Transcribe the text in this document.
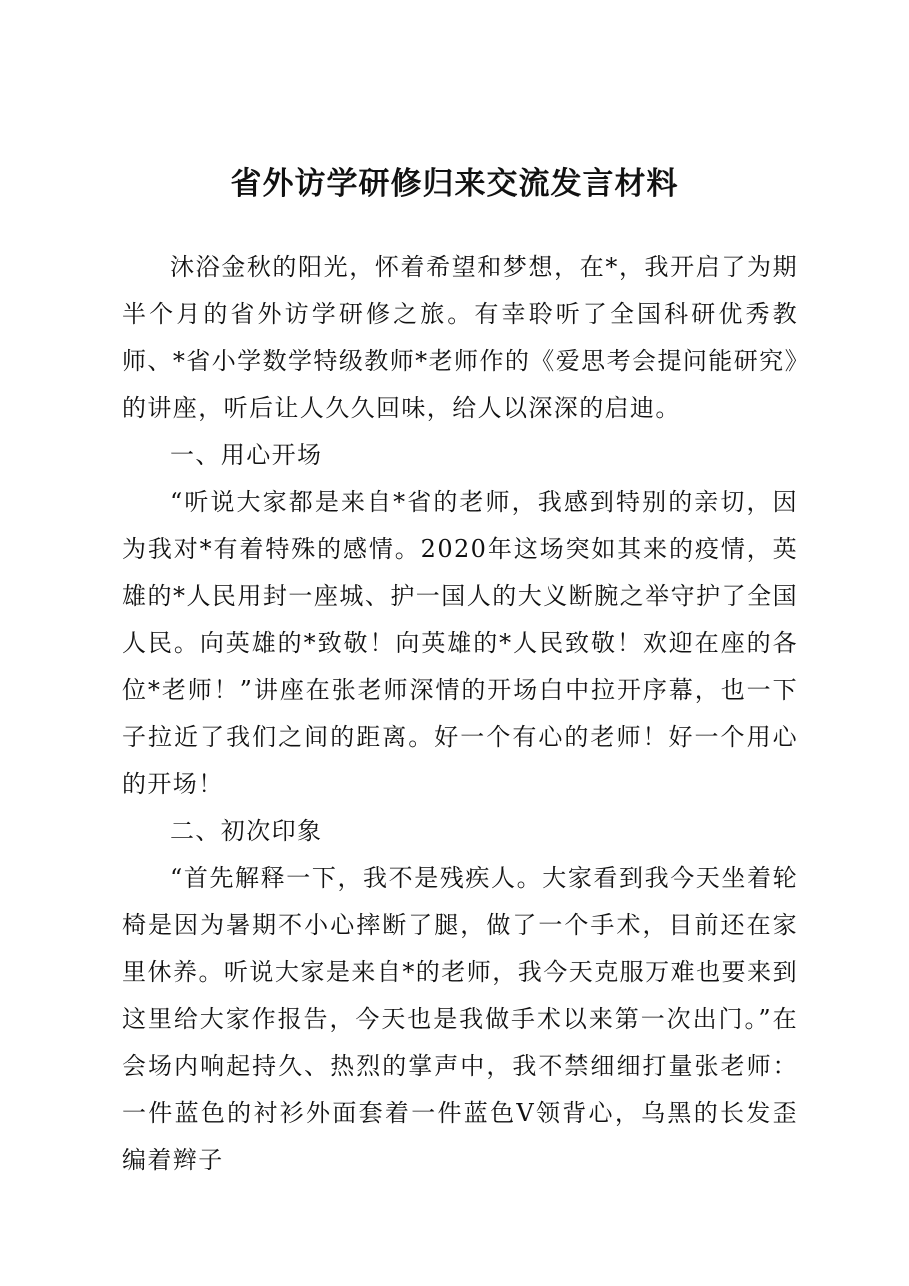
省外访学研修归来交流发言材料

沐浴金秋的阳光，怀着希望和梦想，在*，我开启了为期半个月的省外访学研修之旅。有幸聆听了全国科研优秀教师、*省小学数学特级教师*老师作的《爱思考会提问能研究》的讲座，听后让人久久回味，给人以深深的启迪。

一、用心开场

“听说大家都是来自*省的老师，我感到特别的亲切，因为我对*有着特殊的感情。2020年这场突如其来的疫情，英雄的*人民用封一座城、护一国人的大义断腕之举守护了全国人民。向英雄的*致敬！向英雄的*人民致敬！欢迎在座的各位*老师！”讲座在张老师深情的开场白中拉开序幕，也一下子拉近了我们之间的距离。好一个有心的老师！好一个用心的开场！

二、初次印象

“首先解释一下，我不是残疾人。大家看到我今天坐着轮椅是因为暑期不小心摔断了腿，做了一个手术，目前还在家里休养。听说大家是来自*的老师，我今天克服万难也要来到这里给大家作报告，今天也是我做手术以来第一次出门。”在会场内响起持久、热烈的掌声中，我不禁细细打量张老师：一件蓝色的衬衫外面套着一件蓝色V领背心，乌黑的长发歪编着辫子
